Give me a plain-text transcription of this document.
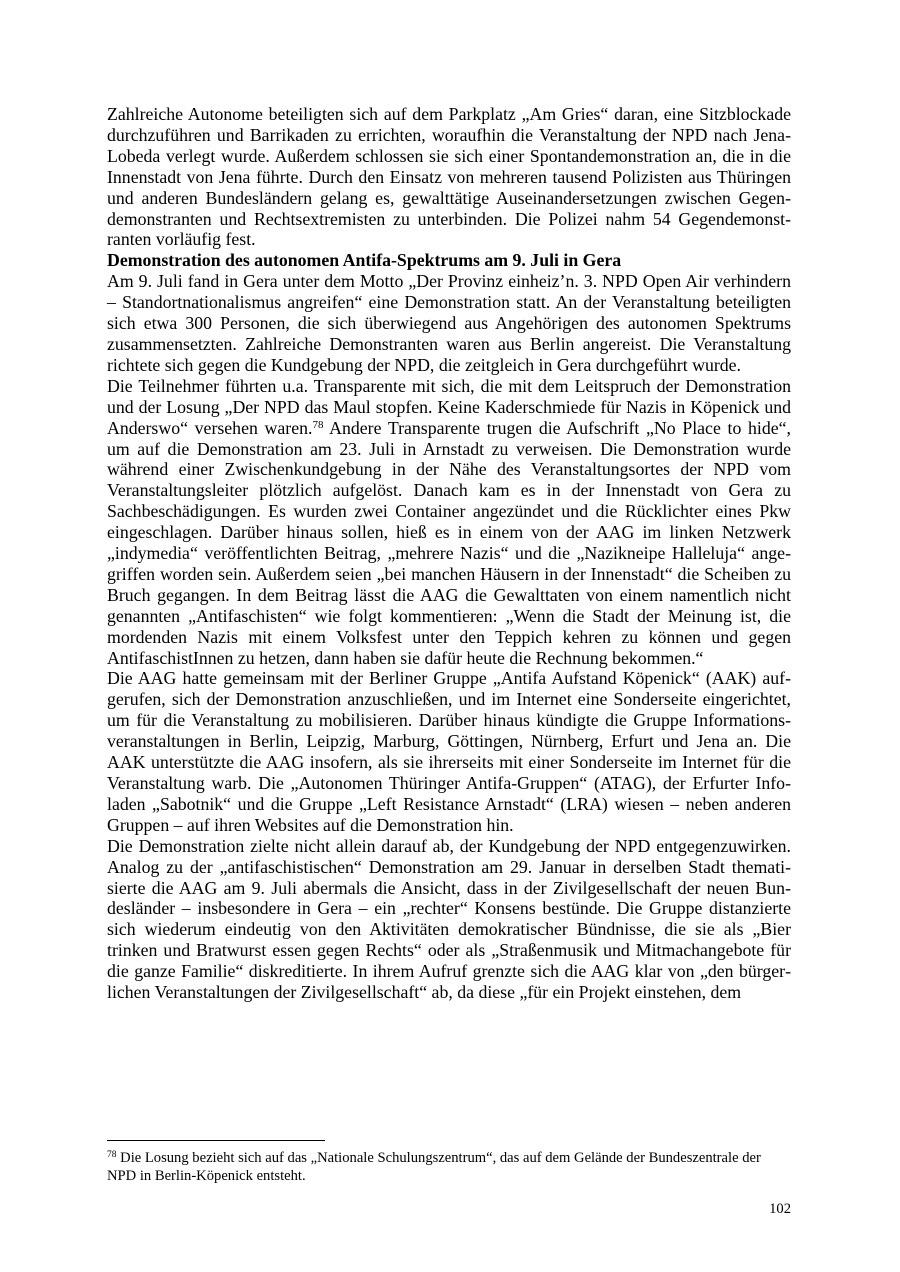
Zahlreiche Autonome beteiligten sich auf dem Parkplatz „Am Gries“ daran, eine Sitzblockade durchzuführen und Barrikaden zu errichten, woraufhin die Veranstaltung der NPD nach Jena-Lobeda verlegt wurde. Außerdem schlossen sie sich einer Spontandemonstration an, die in die Innenstadt von Jena führte. Durch den Einsatz von mehreren tausend Polizisten aus Thüringen und anderen Bundesländern gelang es, gewalttätige Auseinandersetzungen zwischen Gegendemonstranten und Rechtsextremisten zu unterbinden. Die Polizei nahm 54 Gegendemonstranten vorläufig fest.

Demonstration des autonomen Antifa-Spektrums am 9. Juli in Gera

Am 9. Juli fand in Gera unter dem Motto „Der Provinz einheiz’n. 3. NPD Open Air verhindern – Standortnationalismus angreifen“ eine Demonstration statt. An der Veranstaltung beteiligten sich etwa 300 Personen, die sich überwiegend aus Angehörigen des autonomen Spektrums zusammensetzten. Zahlreiche Demonstranten waren aus Berlin angereist. Die Veranstaltung richtete sich gegen die Kundgebung der NPD, die zeitgleich in Gera durchgeführt wurde.

Die Teilnehmer führten u.a. Transparente mit sich, die mit dem Leitspruch der Demonstration und der Losung „Der NPD das Maul stopfen. Keine Kaderschmiede für Nazis in Köpenick und Anderswo“ versehen waren.$^{78}$ Andere Transparente trugen die Aufschrift „No Place to hide“, um auf die Demonstration am 23. Juli in Arnstadt zu verweisen. Die Demonstration wurde während einer Zwischenkundgebung in der Nähe des Veranstaltungsortes der NPD vom Veranstaltungsleiter plötzlich aufgelöst. Danach kam es in der Innenstadt von Gera zu Sachbeschädigungen. Es wurden zwei Container angezündet und die Rücklichter eines Pkw eingeschlagen. Darüber hinaus sollen, hieß es in einem von der AAG im linken Netzwerk „indymedia“ veröffentlichten Beitrag, „mehrere Nazis“ und die „Nazikneipe Halleluja“ angegriffen worden sein. Außerdem seien „bei manchen Häusern in der Innenstadt“ die Scheiben zu Bruch gegangen. In dem Beitrag lässt die AAG die Gewalttaten von einem namentlich nicht genannten „Antifaschisten“ wie folgt kommentieren: „Wenn die Stadt der Meinung ist, die mordenden Nazis mit einem Volksfest unter den Teppich kehren zu können und gegen AntifaschistInnen zu hetzen, dann haben sie dafür heute die Rechnung bekommen.“

Die AAG hatte gemeinsam mit der Berliner Gruppe „Antifa Aufstand Köpenick“ (AAK) aufgerufen, sich der Demonstration anzuschließen, und im Internet eine Sonderseite eingerichtet, um für die Veranstaltung zu mobilisieren. Darüber hinaus kündigte die Gruppe Informationsveranstaltungen in Berlin, Leipzig, Marburg, Göttingen, Nürnberg, Erfurt und Jena an. Die AAK unterstützte die AAG insofern, als sie ihrerseits mit einer Sonderseite im Internet für die Veranstaltung warb. Die „Autonomen Thüringer Antifa-Gruppen“ (ATAG), der Erfurter Infoladen „Sabotnik“ und die Gruppe „Left Resistance Arnstadt“ (LRA) wiesen – neben anderen Gruppen – auf ihren Websites auf die Demonstration hin.

Die Demonstration zielte nicht allein darauf ab, der Kundgebung der NPD entgegenzuwirken. Analog zu der „antifaschistischen“ Demonstration am 29. Januar in derselben Stadt thematisierte die AAG am 9. Juli abermals die Ansicht, dass in der Zivilgesellschaft der neuen Bundesländer – insbesondere in Gera – ein „rechter“ Konsens bestünde. Die Gruppe distanzierte sich wiederum eindeutig von den Aktivitäten demokratischer Bündnisse, die sie als „Bier trinken und Bratwurst essen gegen Rechts“ oder als „Straßenmusik und Mitmachangebote für die ganze Familie“ diskreditierte. In ihrem Aufruf grenzte sich die AAG klar von „den bürgerlichen Veranstaltungen der Zivilgesellschaft“ ab, da diese „für ein Projekt einstehen, dem

$^{78}$ Die Losung bezieht sich auf das „Nationale Schulungszentrum“, das auf dem Gelände der Bundeszentrale der NPD in Berlin-Köpenick entsteht.
102
